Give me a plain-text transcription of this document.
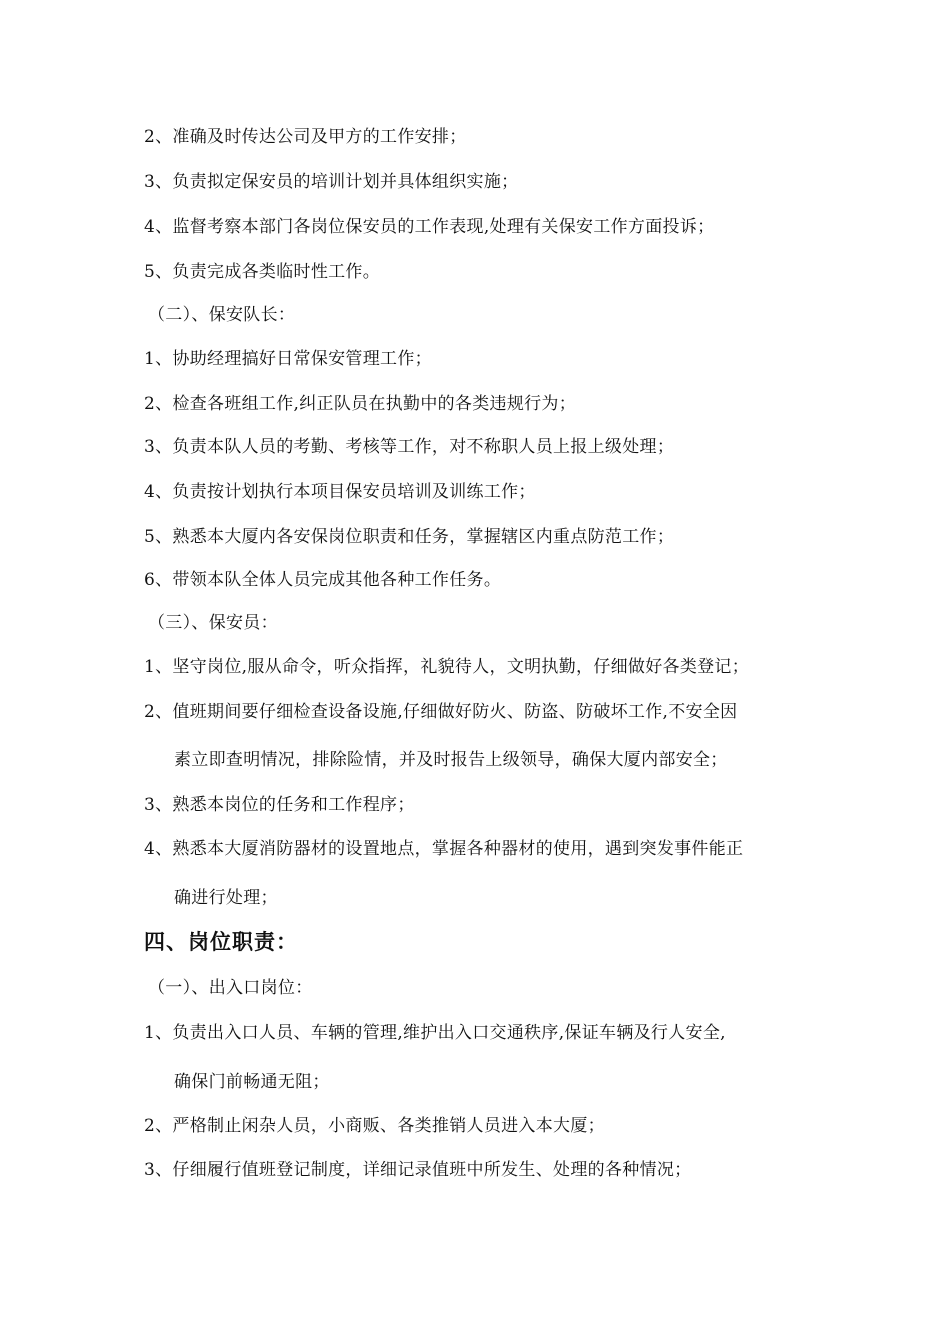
2、准确及时传达公司及甲方的工作安排；
3、负责拟定保安员的培训计划并具体组织实施；
4、监督考察本部门各岗位保安员的工作表现,处理有关保安工作方面投诉；
5、负责完成各类临时性工作。
（二）、保安队长：
1、协助经理搞好日常保安管理工作；
2、检查各班组工作,纠正队员在执勤中的各类违规行为；
3、负责本队人员的考勤、考核等工作，对不称职人员上报上级处理；
4、负责按计划执行本项目保安员培训及训练工作；
5、熟悉本大厦内各安保岗位职责和任务，掌握辖区内重点防范工作；
6、带领本队全体人员完成其他各种工作任务。
（三）、保安员：
1、坚守岗位,服从命令，听众指挥，礼貌待人，文明执勤，仔细做好各类登记；
2、值班期间要仔细检查设备设施,仔细做好防火、防盗、防破坏工作,不安全因
素立即查明情况，排除险情，并及时报告上级领导，确保大厦内部安全；
3、熟悉本岗位的任务和工作程序；
4、熟悉本大厦消防器材的设置地点，掌握各种器材的使用，遇到突发事件能正
确进行处理；
四、岗位职责：
（一）、出入口岗位：
1、负责出入口人员、车辆的管理,维护出入口交通秩序,保证车辆及行人安全,
确保门前畅通无阻；
2、严格制止闲杂人员，小商贩、各类推销人员进入本大厦；
3、仔细履行值班登记制度，详细记录值班中所发生、处理的各种情况；
